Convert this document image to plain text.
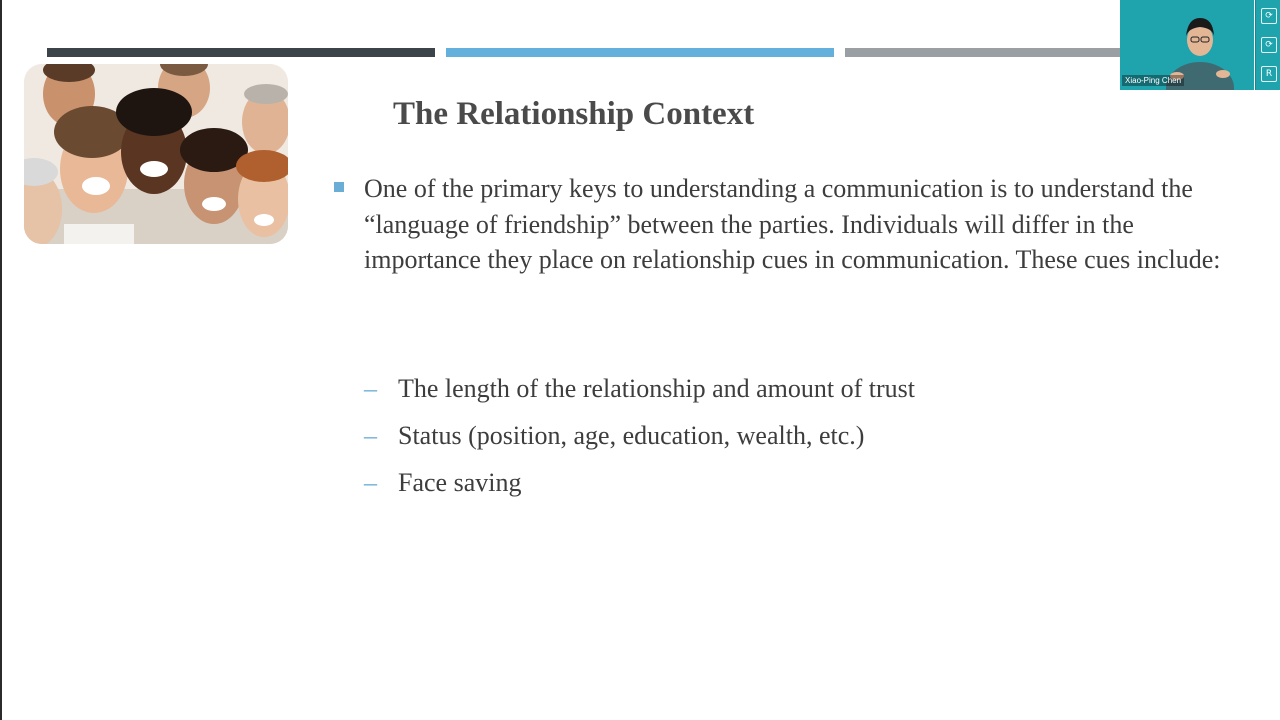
The Relationship Context
One of the primary keys to understanding a communication is to understand the “language of friendship” between the parties. Individuals will differ in the importance they place on relationship cues in communication. These cues include:
– The length of the relationship and amount of trust
– Status (position, age, education, wealth, etc.)
– Face saving
Xiao-Ping Chen
⟳
⟳
R
